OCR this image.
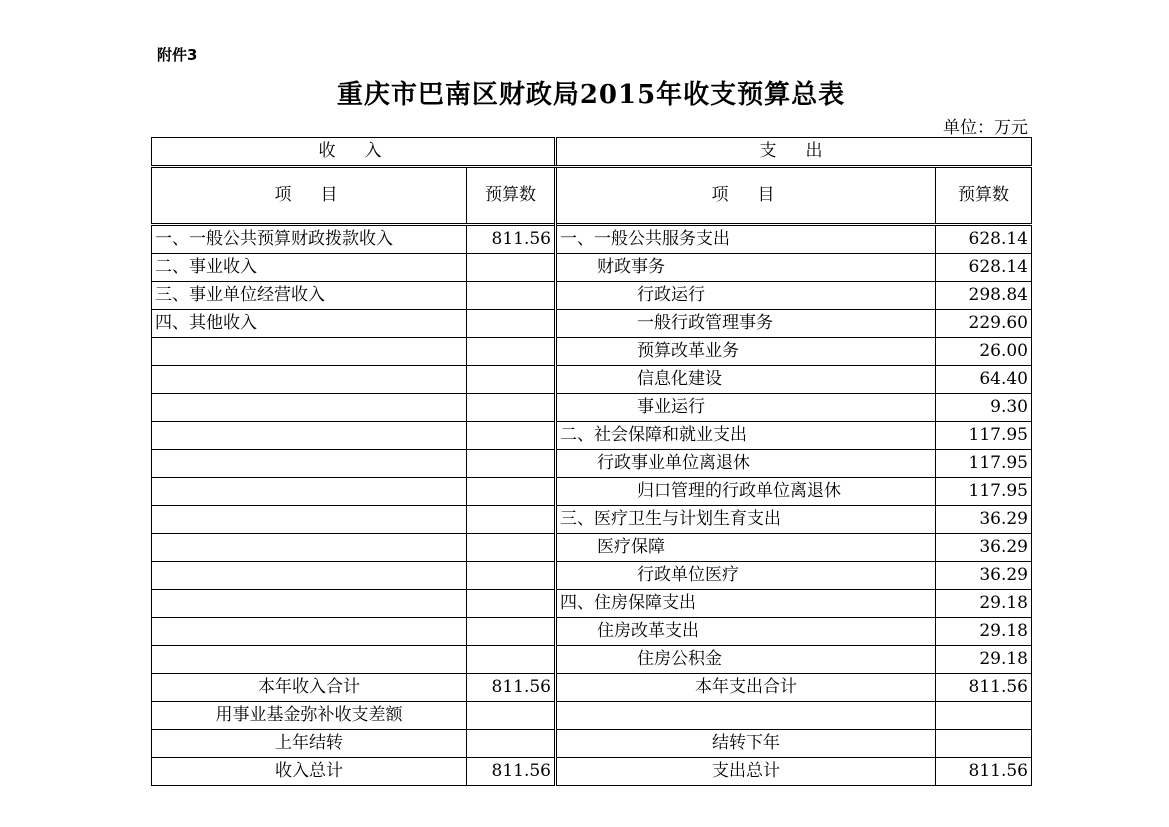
附件3
重庆市巴南区财政局2015年收支预算总表
单位：万元
收　入		支　出	
项　目	预算数	项　目	预算数
一、一般公共预算财政拨款收入	811.56	一、一般公共服务支出	628.14
二、事业收入		财政事务	628.14
三、事业单位经营收入		行政运行	298.84
四、其他收入		一般行政管理事务	229.60
		预算改革业务	26.00
		信息化建设	64.40
		事业运行	9.30
		二、社会保障和就业支出	117.95
		行政事业单位离退休	117.95
		归口管理的行政单位离退休	117.95
		三、医疗卫生与计划生育支出	36.29
		医疗保障	36.29
		行政单位医疗	36.29
		四、住房保障支出	29.18
		住房改革支出	29.18
		住房公积金	29.18
本年收入合计	811.56	本年支出合计	811.56
用事业基金弥补收支差额			
上年结转		结转下年	
收入总计	811.56	支出总计	811.56
